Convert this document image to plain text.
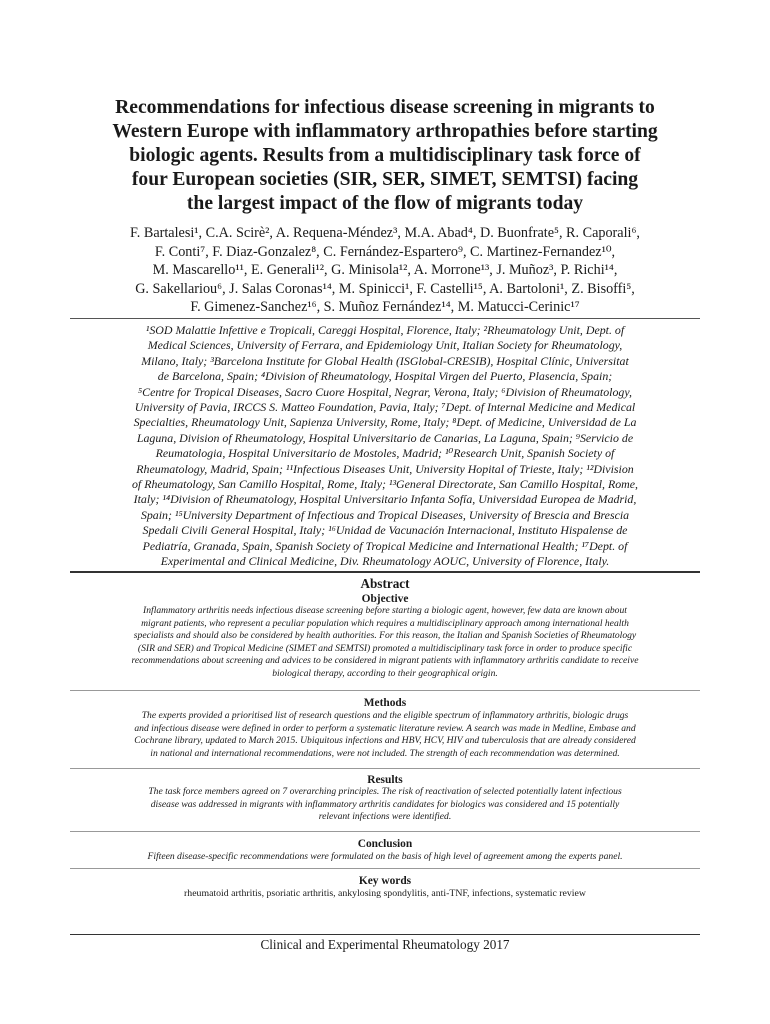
Recommendations for infectious disease screening in migrants to
Western Europe with inflammatory arthropathies before starting
biologic agents. Results from a multidisciplinary task force of
four European societies (SIR, SER, SIMET, SEMTSI) facing
the largest impact of the flow of migrants today
F. Bartalesi¹, C.A. Scirè², A. Requena-Méndez³, M.A. Abad⁴, D. Buonfrate⁵, R. Caporali⁶,
F. Conti⁷, F. Diaz-Gonzalez⁸, C. Fernández-Espartero⁹, C. Martinez-Fernandez¹⁰,
M. Mascarello¹¹, E. Generali¹², G. Minisola¹², A. Morrone¹³, J. Muñoz³, P. Richi¹⁴,
G. Sakellariou⁶, J. Salas Coronas¹⁴, M. Spinicci¹, F. Castelli¹⁵, A. Bartoloni¹, Z. Bisoffi⁵,
F. Gimenez-Sanchez¹⁶, S. Muñoz Fernández¹⁴, M. Matucci-Cerinic¹⁷
¹SOD Malattie Infettive e Tropicali, Careggi Hospital, Florence, Italy; ²Rheumatology Unit, Dept. of
Medical Sciences, University of Ferrara, and Epidemiology Unit, Italian Society for Rheumatology,
Milano, Italy; ³Barcelona Institute for Global Health (ISGlobal-CRESIB), Hospital Clínic, Universitat
de Barcelona, Spain; ⁴Division of Rheumatology, Hospital Virgen del Puerto, Plasencia, Spain;
⁵Centre for Tropical Diseases, Sacro Cuore Hospital, Negrar, Verona, Italy; ⁶Division of Rheumatology,
University of Pavia, IRCCS S. Matteo Foundation, Pavia, Italy; ⁷Dept. of Internal Medicine and Medical
Specialties, Rheumatology Unit, Sapienza University, Rome, Italy; ⁸Dept. of Medicine, Universidad de La
Laguna, Division of Rheumatology, Hospital Universitario de Canarias, La Laguna, Spain; ⁹Servicio de
Reumatologia, Hospital Universitario de Mostoles, Madrid; ¹⁰Research Unit, Spanish Society of
Rheumatology, Madrid, Spain; ¹¹Infectious Diseases Unit, University Hopital of Trieste, Italy; ¹²Division
of Rheumatology, San Camillo Hospital, Rome, Italy; ¹³General Directorate, San Camillo Hospital, Rome,
Italy; ¹⁴Division of Rheumatology, Hospital Universitario Infanta Sofía, Universidad Europea de Madrid,
Spain; ¹⁵University Department of Infectious and Tropical Diseases, University of Brescia and Brescia
Spedali Civili General Hospital, Italy; ¹⁶Unidad de Vacunación Internacional, Instituto Hispalense de
Pediatría, Granada, Spain, Spanish Society of Tropical Medicine and International Health; ¹⁷Dept. of
Experimental and Clinical Medicine, Div. Rheumatology AOUC, University of Florence, Italy.
Abstract
Objective
Inflammatory arthritis needs infectious disease screening before starting a biologic agent, however, few data are known about
migrant patients, who represent a peculiar population which requires a multidisciplinary approach among international health
specialists and should also be considered by health authorities. For this reason, the Italian and Spanish Societies of Rheumatology
(SIR and SER) and Tropical Medicine (SIMET and SEMTSI) promoted a multidisciplinary task force in order to produce specific
recommendations about screening and advices to be considered in migrant patients with inflammatory arthritis candidate to receive
biological therapy, according to their geographical origin.
Methods
The experts provided a prioritised list of research questions and the eligible spectrum of inflammatory arthritis, biologic drugs
and infectious disease were defined in order to perform a systematic literature review. A search was made in Medline, Embase and
Cochrane library, updated to March 2015. Ubiquitous infections and HBV, HCV, HIV and tuberculosis that are already considered
in national and international recommendations, were not included. The strength of each recommendation was determined.
Results
The task force members agreed on 7 overarching principles. The risk of reactivation of selected potentially latent infectious
disease was addressed in migrants with inflammatory arthritis candidates for biologics was considered and 15 potentially
relevant infections were identified.
Conclusion
Fifteen disease-specific recommendations were formulated on the basis of high level of agreement among the experts panel.
Key words
rheumatoid arthritis, psoriatic arthritis, ankylosing spondylitis, anti-TNF, infections, systematic review
Clinical and Experimental Rheumatology 2017
